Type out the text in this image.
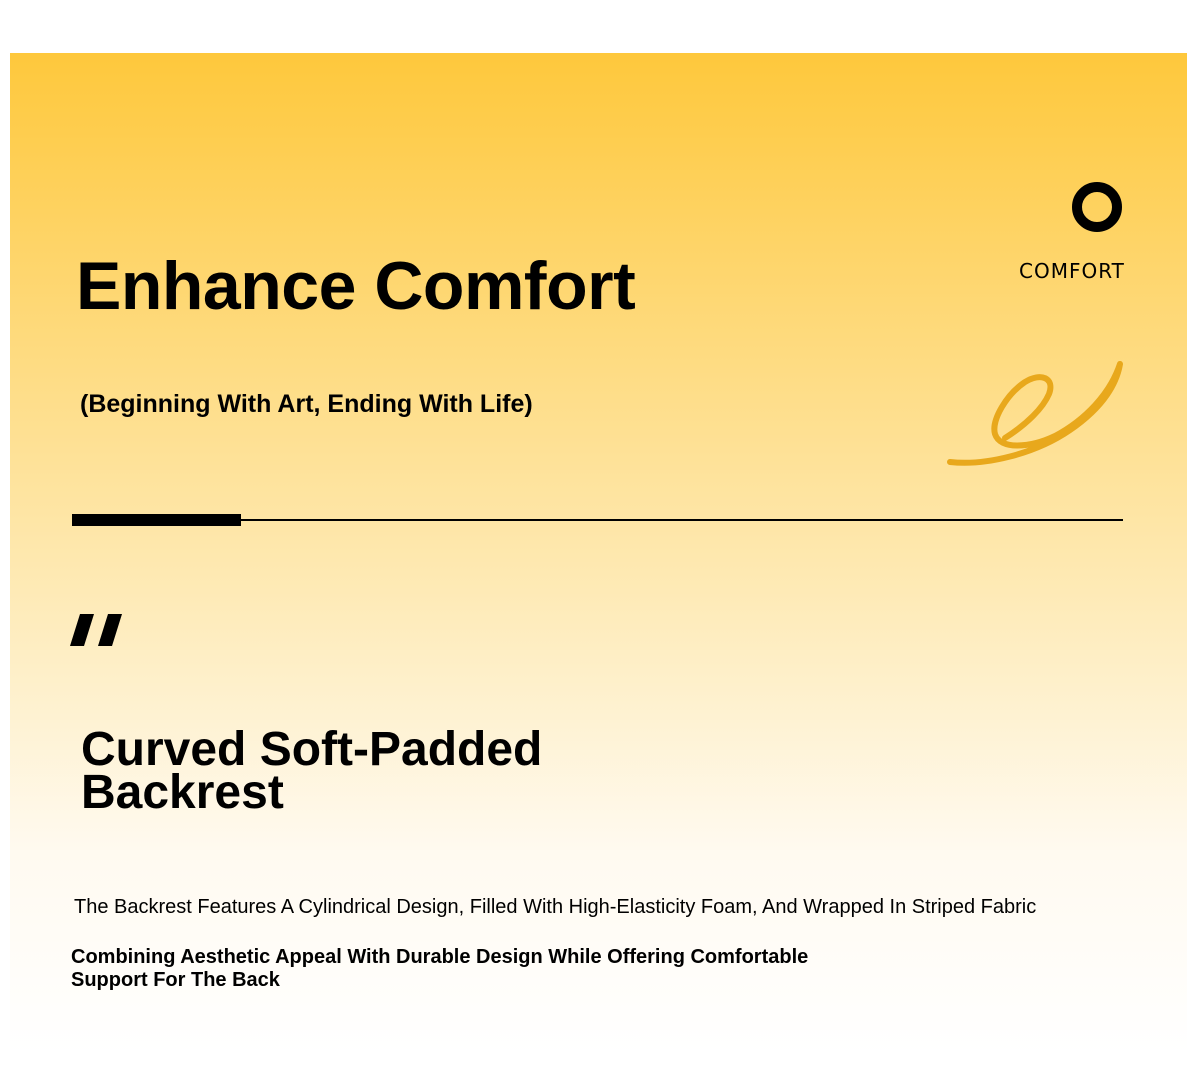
Enhance Comfort
(Beginning With Art, Ending With Life)
COMFORT
Curved Soft-Padded Backrest
The Backrest Features A Cylindrical Design, Filled With High-Elasticity Foam, And Wrapped In Striped Fabric
Combining Aesthetic Appeal With Durable Design While Offering Comfortable Support For The Back
